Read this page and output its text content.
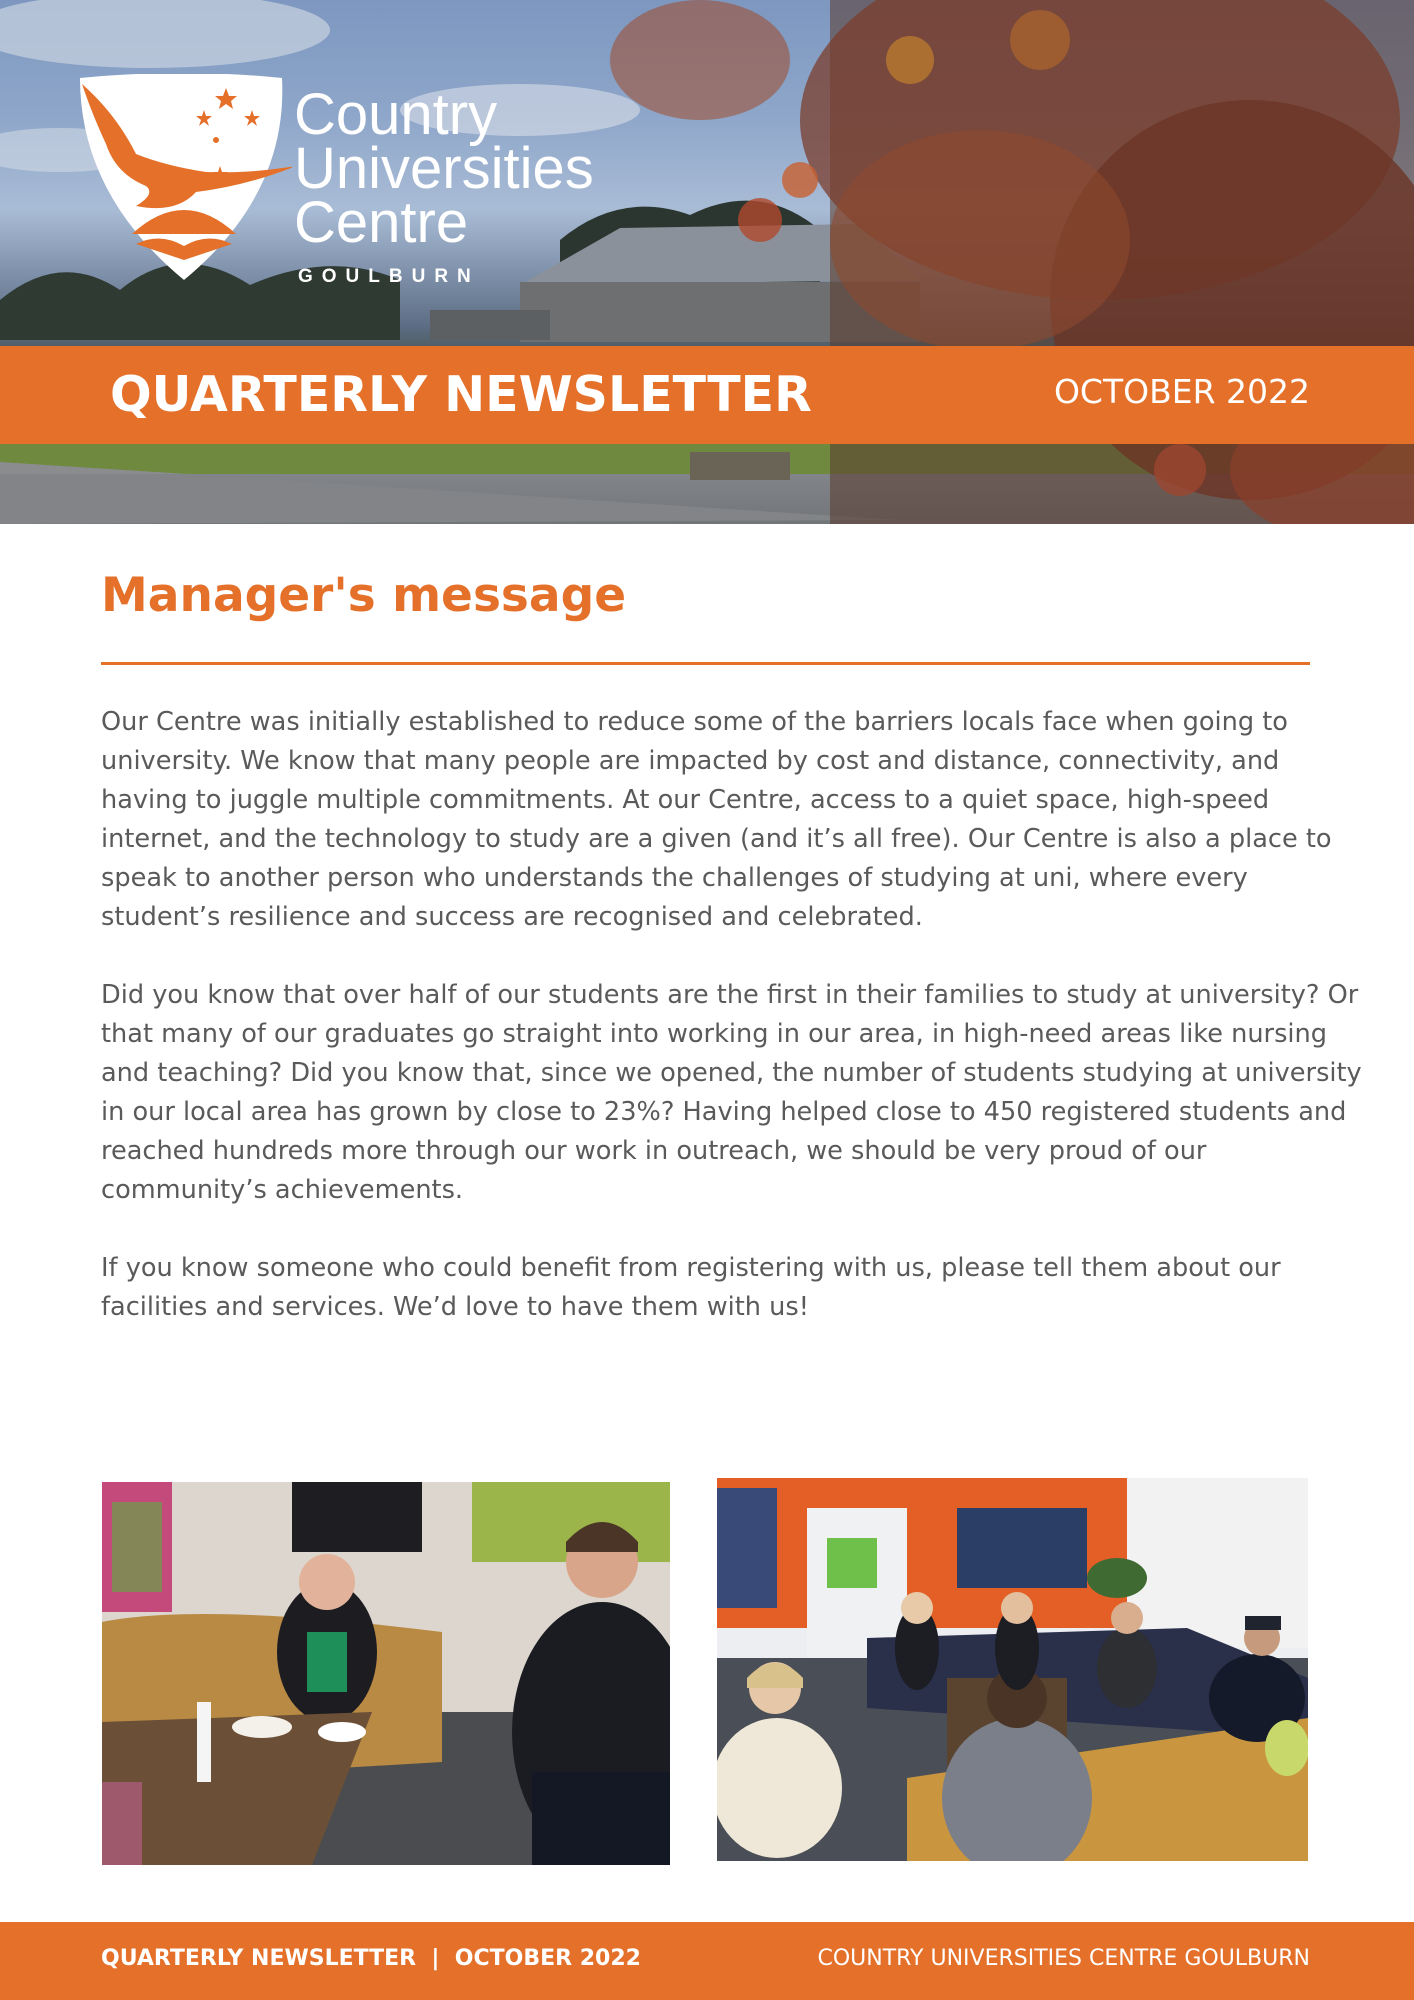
Country
Universities
Centre
GOULBURN
QUARTERLY NEWSLETTER	OCTOBER 2022
Manager's message

Our Centre was initially established to reduce some of the barriers locals face when going to university. We know that many people are impacted by cost and distance, connectivity, and having to juggle multiple commitments. At our Centre, access to a quiet space, high-speed internet, and the technology to study are a given (and it’s all free). Our Centre is also a place to speak to another person who understands the challenges of studying at uni, where every student’s resilience and success are recognised and celebrated.

Did you know that over half of our students are the first in their families to study at university? Or that many of our graduates go straight into working in our area, in high-need areas like nursing and teaching? Did you know that, since we opened, the number of students studying at university in our local area has grown by close to 23%? Having helped close to 450 registered students and reached hundreds more through our work in outreach, we should be very proud of our community’s achievements.

If you know someone who could benefit from registering with us, please tell them about our facilities and services. We’d love to have them with us!

QUARTERLY NEWSLETTER  |  OCTOBER 2022	COUNTRY UNIVERSITIES CENTRE GOULBURN
